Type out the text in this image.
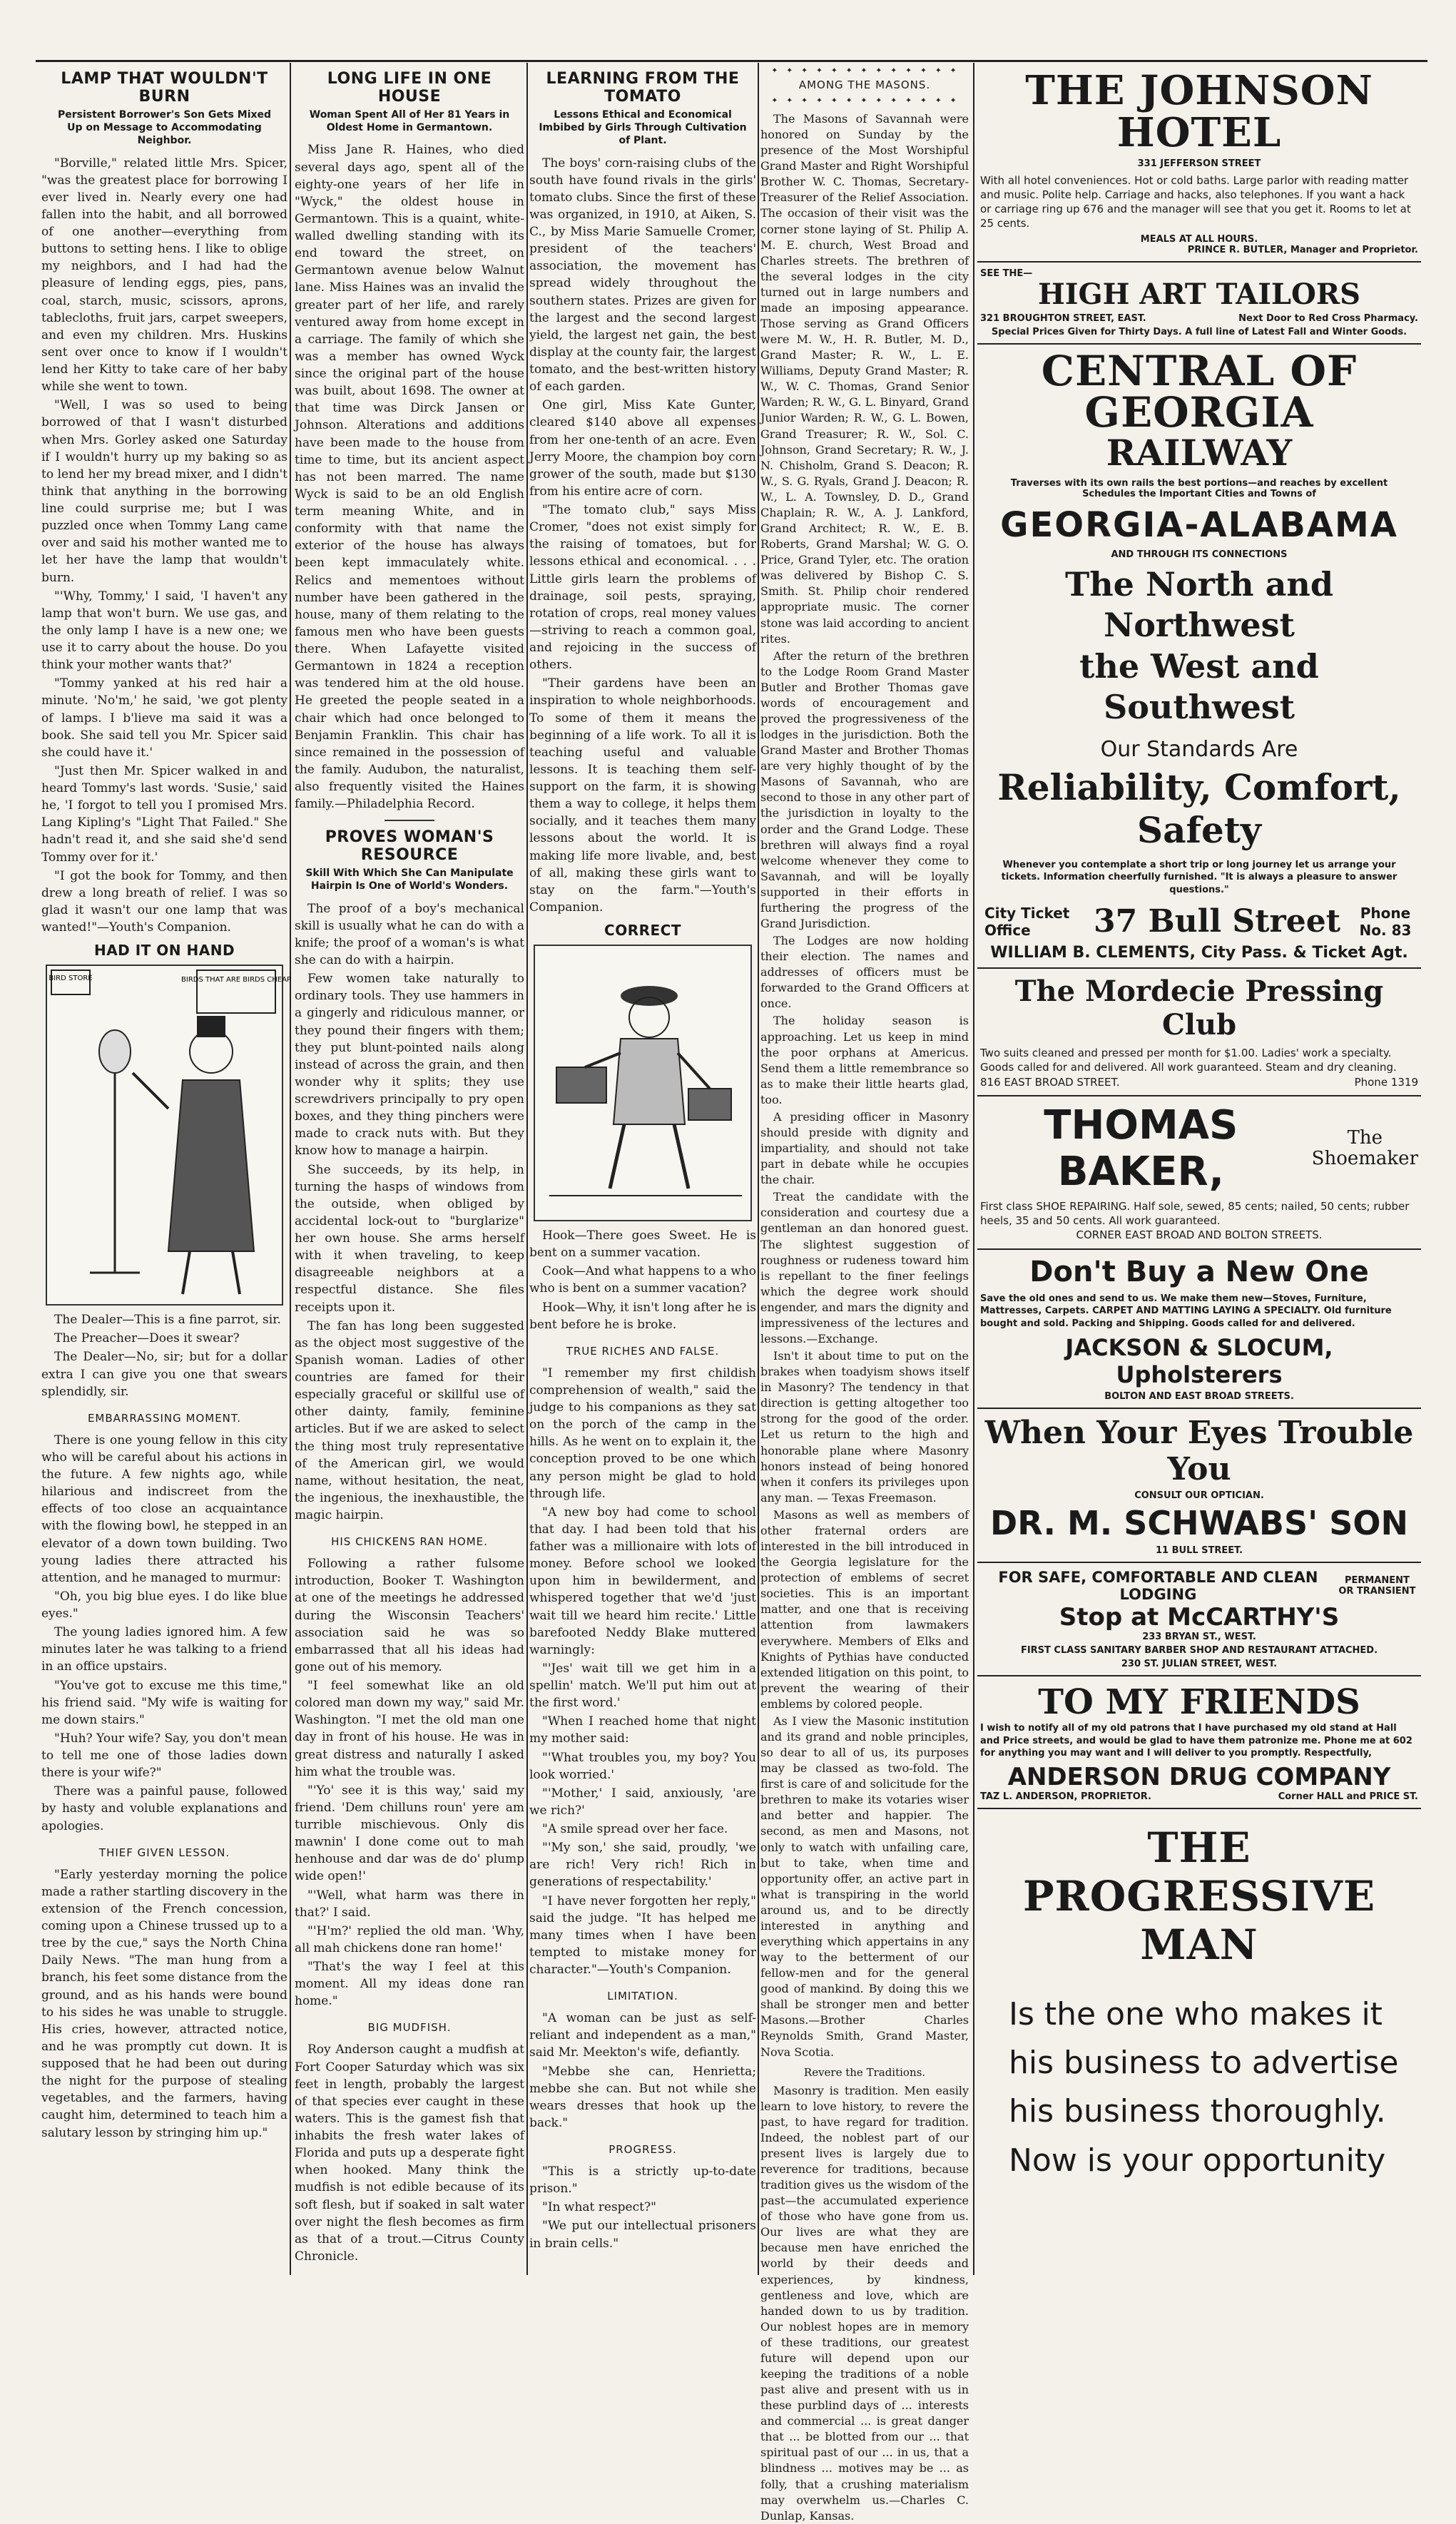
LAMP THAT WOULDN'T BURN
Persistent Borrower's Son Gets Mixed Up on Message to Accommodating Neighbor.

"Borville," related little Mrs. Spicer, "was the greatest place for borrowing I ever lived in. Nearly every one had fallen into the habit, and all borrowed of one another—everything from buttons to setting hens. I like to oblige my neighbors, and I had had the pleasure of lending eggs, pies, pans, coal, starch, music, scissors, aprons, tablecloths, fruit jars, carpet sweepers, and even my children. Mrs. Huskins sent over once to know if I wouldn't lend her Kitty to take care of her baby while she went to town.

"Well, I was so used to being borrowed of that I wasn't disturbed when Mrs. Gorley asked one Saturday if I wouldn't hurry up my baking so as to lend her my bread mixer, and I didn't think that anything in the borrowing line could surprise me; but I was puzzled once when Tommy Lang came over and said his mother wanted me to let her have the lamp that wouldn't burn.

"'Why, Tommy,' I said, 'I haven't any lamp that won't burn. We use gas, and the only lamp I have is a new one; we use it to carry about the house. Do you think your mother wants that?'

"Tommy yanked at his red hair a minute. 'No'm,' he said, 'we got plenty of lamps. I b'lieve ma said it was a book. She said tell you Mr. Spicer said she could have it.'

"Just then Mr. Spicer walked in and heard Tommy's last words. 'Susie,' said he, 'I forgot to tell you I promised Mrs. Lang Kipling's "Light That Failed." She hadn't read it, and she said she'd send Tommy over for it.'

"I got the book for Tommy, and then drew a long breath of relief. I was so glad it wasn't our one lamp that was wanted!"—Youth's Companion.

HAD IT ON HAND
BIRD STORE	BIRDS THAT ARE BIRDS CHEAP

The Dealer—This is a fine parrot, sir.

The Preacher—Does it swear?

The Dealer—No, sir; but for a dollar extra I can give you one that swears splendidly, sir.

EMBARRASSING MOMENT.

There is one young fellow in this city who will be careful about his actions in the future. A few nights ago, while hilarious and indiscreet from the effects of too close an acquaintance with the flowing bowl, he stepped in an elevator of a down town building. Two young ladies there attracted his attention, and he managed to murmur:

"Oh, you big blue eyes. I do like blue eyes."

The young ladies ignored him. A few minutes later he was talking to a friend in an office upstairs.

"You've got to excuse me this time," his friend said. "My wife is waiting for me down stairs."

"Huh? Your wife? Say, you don't mean to tell me one of those ladies down there is your wife?"

There was a painful pause, followed by hasty and voluble explanations and apologies.

THIEF GIVEN LESSON.

"Early yesterday morning the police made a rather startling discovery in the extension of the French concession, coming upon a Chinese trussed up to a tree by the cue," says the North China Daily News. "The man hung from a branch, his feet some distance from the ground, and as his hands were bound to his sides he was unable to struggle. His cries, however, attracted notice, and he was promptly cut down. It is supposed that he had been out during the night for the purpose of stealing vegetables, and the farmers, having caught him, determined to teach him a salutary lesson by stringing him up."

LONG LIFE IN ONE HOUSE
Woman Spent All of Her 81 Years in Oldest Home in Germantown.

Miss Jane R. Haines, who died several days ago, spent all of the eighty-one years of her life in "Wyck," the oldest house in Germantown. This is a quaint, white-walled dwelling standing with its end toward the street, on Germantown avenue below Walnut lane. Miss Haines was an invalid the greater part of her life, and rarely ventured away from home except in a carriage. The family of which she was a member has owned Wyck since the original part of the house was built, about 1698. The owner at that time was Dirck Jansen or Johnson. Alterations and additions have been made to the house from time to time, but its ancient aspect has not been marred. The name Wyck is said to be an old English term meaning White, and in conformity with that name the exterior of the house has always been kept immaculately white. Relics and mementoes without number have been gathered in the house, many of them relating to the famous men who have been guests there. When Lafayette visited Germantown in 1824 a reception was tendered him at the old house. He greeted the people seated in a chair which had once belonged to Benjamin Franklin. This chair has since remained in the possession of the family. Audubon, the naturalist, also frequently visited the Haines family.—Philadelphia Record.

PROVES WOMAN'S RESOURCE
Skill With Which She Can Manipulate Hairpin Is One of World's Wonders.

The proof of a boy's mechanical skill is usually what he can do with a knife; the proof of a woman's is what she can do with a hairpin.

Few women take naturally to ordinary tools. They use hammers in a gingerly and ridiculous manner, or they pound their fingers with them; they put blunt-pointed nails along instead of across the grain, and then wonder why it splits; they use screwdrivers principally to pry open boxes, and they thing pinchers were made to crack nuts with. But they know how to manage a hairpin.

She succeeds, by its help, in turning the hasps of windows from the outside, when obliged by accidental lock-out to "burglarize" her own house. She arms herself with it when traveling, to keep disagreeable neighbors at a respectful distance. She files receipts upon it.

The fan has long been suggested as the object most suggestive of the Spanish woman. Ladies of other countries are famed for their especially graceful or skillful use of other dainty, family, feminine articles. But if we are asked to select the thing most truly representative of the American girl, we would name, without hesitation, the neat, the ingenious, the inexhaustible, the magic hairpin.

HIS CHICKENS RAN HOME.

Following a rather fulsome introduction, Booker T. Washington at one of the meetings he addressed during the Wisconsin Teachers' association said he was so embarrassed that all his ideas had gone out of his memory.

"I feel somewhat like an old colored man down my way," said Mr. Washington. "I met the old man one day in front of his house. He was in great distress and naturally I asked him what the trouble was.

"'Yo' see it is this way,' said my friend. 'Dem chilluns roun' yere am turrible mischievous. Only dis mawnin' I done come out to mah henhouse and dar was de do' plump wide open!'

"'Well, what harm was there in that?' I said.

"'H'm?' replied the old man. 'Why, all mah chickens done ran home!'

"That's the way I feel at this moment. All my ideas done ran home."

BIG MUDFISH.

Roy Anderson caught a mudfish at Fort Cooper Saturday which was six feet in length, probably the largest of that species ever caught in these waters. This is the gamest fish that inhabits the fresh water lakes of Florida and puts up a desperate fight when hooked. Many think the mudfish is not edible because of its soft flesh, but if soaked in salt water over night the flesh becomes as firm as that of a trout.—Citrus County Chronicle.

LEARNING FROM THE TOMATO
Lessons Ethical and Economical Imbibed by Girls Through Cultivation of Plant.

The boys' corn-raising clubs of the south have found rivals in the girls' tomato clubs. Since the first of these was organized, in 1910, at Aiken, S. C., by Miss Marie Samuelle Cromer, president of the teachers' association, the movement has spread widely throughout the southern states. Prizes are given for the largest and the second largest yield, the largest net gain, the best display at the county fair, the largest tomato, and the best-written history of each garden.

One girl, Miss Kate Gunter, cleared $140 above all expenses from her one-tenth of an acre. Even Jerry Moore, the champion boy corn grower of the south, made but $130 from his entire acre of corn.

"The tomato club," says Miss Cromer, "does not exist simply for the raising of tomatoes, but for lessons ethical and economical. . . . Little girls learn the problems of drainage, soil pests, spraying, rotation of crops, real money values—striving to reach a common goal, and rejoicing in the success of others.

"Their gardens have been an inspiration to whole neighborhoods. To some of them it means the beginning of a life work. To all it is teaching useful and valuable lessons. It is teaching them self-support on the farm, it is showing them a way to college, it helps them socially, and it teaches them many lessons about the world. It is making life more livable, and, best of all, making these girls want to stay on the farm."—Youth's Companion.

CORRECT

Hook—There goes Sweet. He is bent on a summer vacation.

Cook—And what happens to a who who is bent on a summer vacation?

Hook—Why, it isn't long after he is bent before he is broke.

TRUE RICHES AND FALSE.

"I remember my first childish comprehension of wealth," said the judge to his companions as they sat on the porch of the camp in the hills. As he went on to explain it, the conception proved to be one which any person might be glad to hold through life.

"A new boy had come to school that day. I had been told that his father was a millionaire with lots of money. Before school we looked upon him in bewilderment, and whispered together that we'd 'just wait till we heard him recite.' Little barefooted Neddy Blake muttered warningly:

"'Jes' wait till we get him in a spellin' match. We'll put him out at the first word.'

"When I reached home that night my mother said:

"'What troubles you, my boy? You look worried.'

"'Mother,' I said, anxiously, 'are we rich?'

"A smile spread over her face.

"'My son,' she said, proudly, 'we are rich! Very rich! Rich in generations of respectability.'

"I have never forgotten her reply," said the judge. "It has helped me many times when I have been tempted to mistake money for character."—Youth's Companion.

LIMITATION.

"A woman can be just as self-reliant and independent as a man," said Mr. Meekton's wife, defiantly.

"Mebbe she can, Henrietta; mebbe she can. But not while she wears dresses that hook up the back."

PROGRESS.

"This is a strictly up-to-date prison."

"In what respect?"

"We put our intellectual prisoners in brain cells."

✦ ✦ ✦ ✦ ✦ ✦ ✦ ✦ ✦ ✦ ✦ ✦ ✦
AMONG THE MASONS.
✦ ✦ ✦ ✦ ✦ ✦ ✦ ✦ ✦ ✦ ✦ ✦ ✦

The Masons of Savannah were honored on Sunday by the presence of the Most Worshipful Grand Master and Right Worshipful Brother W. C. Thomas, Secretary-Treasurer of the Relief Association. The occasion of their visit was the corner stone laying of St. Philip A. M. E. church, West Broad and Charles streets. The brethren of the several lodges in the city turned out in large numbers and made an imposing appearance. Those serving as Grand Officers were M. W., H. R. Butler, M. D., Grand Master; R. W., L. E. Williams, Deputy Grand Master; R. W., W. C. Thomas, Grand Senior Warden; R. W., G. L. Binyard, Grand Junior Warden; R. W., G. L. Bowen, Grand Treasurer; R. W., Sol. C. Johnson, Grand Secretary; R. W., J. N. Chisholm, Grand S. Deacon; R. W., S. G. Ryals, Grand J. Deacon; R. W., L. A. Townsley, D. D., Grand Chaplain; R. W., A. J. Lankford, Grand Architect; R. W., E. B. Roberts, Grand Marshal; W. G. O. Price, Grand Tyler, etc. The oration was delivered by Bishop C. S. Smith. St. Philip choir rendered appropriate music. The corner stone was laid according to ancient rites.

After the return of the brethren to the Lodge Room Grand Master Butler and Brother Thomas gave words of encouragement and proved the progressiveness of the lodges in the jurisdiction. Both the Grand Master and Brother Thomas are very highly thought of by the Masons of Savannah, who are second to those in any other part of the jurisdiction in loyalty to the order and the Grand Lodge. These brethren will always find a royal welcome whenever they come to Savannah, and will be loyally supported in their efforts in furthering the progress of the Grand Jurisdiction.

The Lodges are now holding their election. The names and addresses of officers must be forwarded to the Grand Officers at once.

The holiday season is approaching. Let us keep in mind the poor orphans at Americus. Send them a little remembrance so as to make their little hearts glad, too.

A presiding officer in Masonry should preside with dignity and impartiality, and should not take part in debate while he occupies the chair.

Treat the candidate with the consideration and courtesy due a gentleman an dan honored guest. The slightest suggestion of roughness or rudeness toward him is repellant to the finer feelings which the degree work should engender, and mars the dignity and impressiveness of the lectures and lessons.—Exchange.

Isn't it about time to put on the brakes when toadyism shows itself in Masonry? The tendency in that direction is getting altogether too strong for the good of the order. Let us return to the high and honorable plane where Masonry honors instead of being honored when it confers its privileges upon any man. — Texas Freemason.

Masons as well as members of other fraternal orders are interested in the bill introduced in the Georgia legislature for the protection of emblems of secret societies. This is an important matter, and one that is receiving attention from lawmakers everywhere. Members of Elks and Knights of Pythias have conducted extended litigation on this point, to prevent the wearing of their emblems by colored people.

As I view the Masonic institution and its grand and noble principles, so dear to all of us, its purposes may be classed as two-fold. The first is care of and solicitude for the brethren to make its votaries wiser and better and happier. The second, as men and Masons, not only to watch with unfailing care, but to take, when time and opportunity offer, an active part in what is transpiring in the world around us, and to be directly interested in anything and everything which appertains in any way to the betterment of our fellow-men and for the general good of mankind. By doing this we shall be stronger men and better Masons.—Brother Charles Reynolds Smith, Grand Master, Nova Scotia.

Revere the Traditions.

Masonry is tradition. Men easily learn to love history, to revere the past, to have regard for tradition. Indeed, the noblest part of our present lives is largely due to reverence for traditions, because tradition gives us the wisdom of the past—the accumulated experience of those who have gone from us. Our lives are what they are because men have enriched the world by their deeds and experiences, by kindness, gentleness and love, which are handed down to us by tradition. Our noblest hopes are in memory of these traditions, our greatest future will depend upon our keeping the traditions of a noble past alive and present with us in these purblind days of ... interests and commercial ... is great danger that ... be blotted from our ... that spiritual past of our ... in us, that a blindness ... motives may be ... as folly, that a crushing materialism may overwhelm us.—Charles C. Dunlap, Kansas.

THE JOHNSON HOTEL
331 JEFFERSON STREET
With all hotel conveniences. Hot or cold baths. Large parlor with reading matter and music. Polite help. Carriage and hacks, also telephones. If you want a hack or carriage ring up 676 and the manager will see that you get it. Rooms to let at 25 cents.
MEALS AT ALL HOURS.
PRINCE R. BUTLER, Manager and Proprietor.
SEE THE—
HIGH ART TAILORS
321 BROUGHTON STREET, EAST.	Next Door to Red Cross Pharmacy.
Special Prices Given for Thirty Days. A full line of Latest Fall and Winter Goods.
CENTRAL OF GEORGIA
RAILWAY
Traverses with its own rails the best portions—and reaches by excellent Schedules the Important Cities and Towns of
GEORGIA-ALABAMA
AND THROUGH ITS CONNECTIONS
The North and Northwest
the West and Southwest
Our Standards Are
Reliability, Comfort, Safety
Whenever you contemplate a short trip or long journey let us arrange your tickets. Information cheerfully furnished. "It is always a pleasure to answer questions."
City Ticket Office	37 Bull Street Phone No. 83
WILLIAM B. CLEMENTS, City Pass. & Ticket Agt.
The Mordecie Pressing Club
Two suits cleaned and pressed per month for $1.00. Ladies' work a specialty. Goods called for and delivered. All work guaranteed. Steam and dry cleaning.
816 EAST BROAD STREET.	Phone 1319
THOMAS BAKER,
The
Shoemaker
First class SHOE REPAIRING. Half sole, sewed, 85 cents; nailed, 50 cents; rubber heels, 35 and 50 cents. All work guaranteed.
CORNER EAST BROAD AND BOLTON STREETS.
Don't Buy a New One
Save the old ones and send to us. We make them new—Stoves, Furniture, Mattresses, Carpets. CARPET AND MATTING LAYING A SPECIALTY. Old furniture bought and sold. Packing and Shipping. Goods called for and delivered.
JACKSON & SLOCUM, Upholsterers
BOLTON AND EAST BROAD STREETS.
When Your Eyes Trouble You
CONSULT OUR OPTICIAN.
DR. M. SCHWABS' SON
11 BULL STREET.
FOR SAFE, COMFORTABLE AND CLEAN LODGING
PERMANENT OR TRANSIENT
Stop at McCARTHY'S
233 BRYAN ST., WEST.
FIRST CLASS SANITARY BARBER SHOP AND RESTAURANT ATTACHED.
230 ST. JULIAN STREET, WEST.
TO MY FRIENDS
I wish to notify all of my old patrons that I have purchased my old stand at Hall and Price streets, and would be glad to have them patronize me. Phone me at 602 for anything you may want and I will deliver to you promptly. Respectfully,
ANDERSON DRUG COMPANY
TAZ L. ANDERSON, PROPRIETOR.	Corner HALL and PRICE ST.
THE PROGRESSIVE MAN
Is the one who makes it
his business to advertise
his business thoroughly.
Now is your opportunity
